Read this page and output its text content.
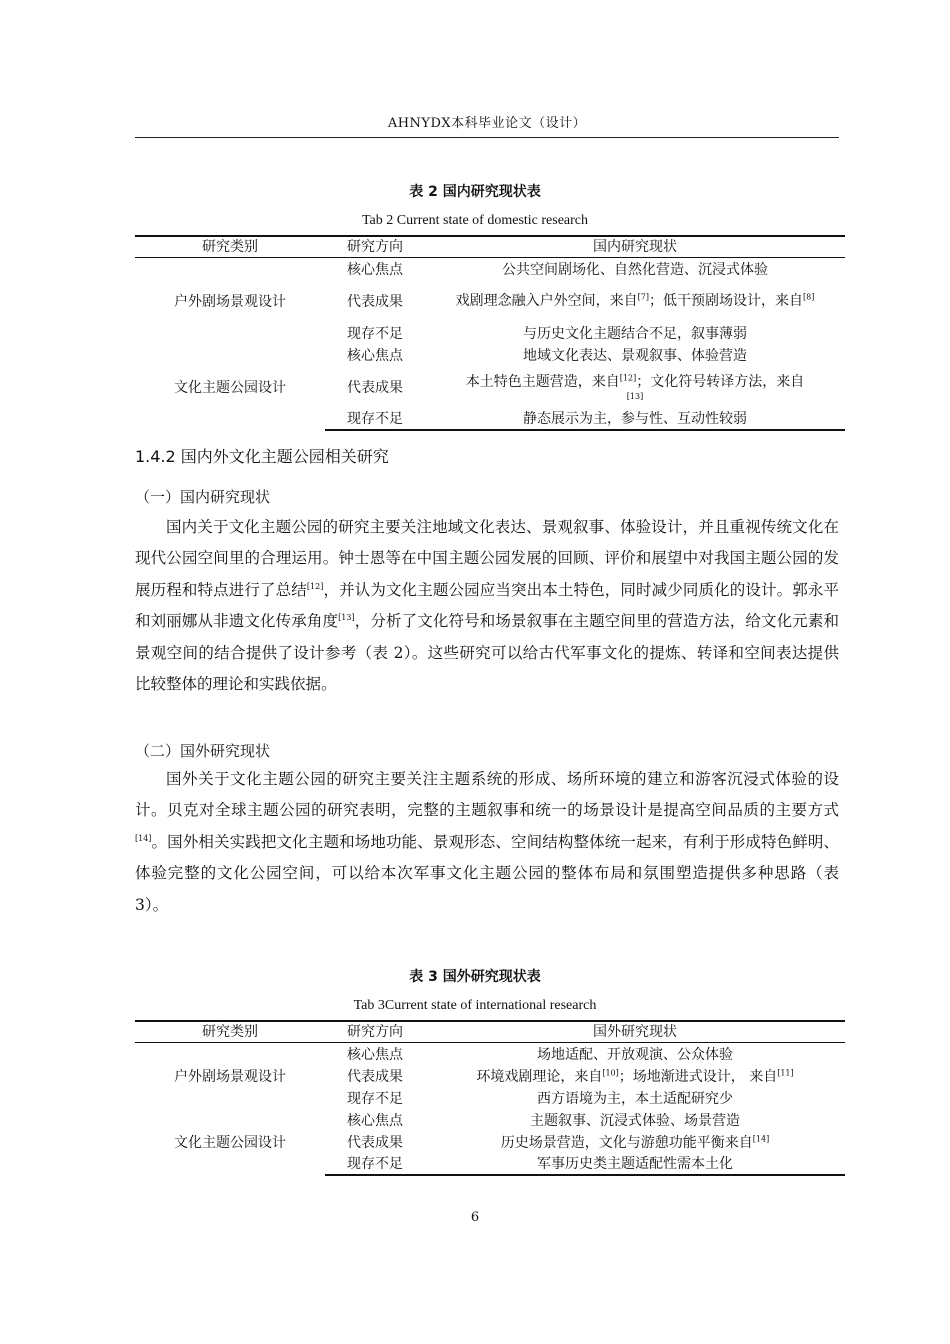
AHNYDX本科毕业论文（设计）
表 2 国内研究现状表
Tab 2 Current state of domestic research
研究类别	研究方向	国内研究现状
户外剧场景观设计	核心焦点	公共空间剧场化、自然化营造、沉浸式体验
	代表成果	戏剧理念融入户外空间，来自[7]；低干预剧场设计，来自[8]
	现存不足	与历史文化主题结合不足，叙事薄弱
文化主题公园设计	核心焦点	地域文化表达、景观叙事、体验营造
	代表成果	本土特色主题营造，来自[12]；文化符号转译方法，来自
[13]

	现存不足	静态展示为主，参与性、互动性较弱
1.4.2 国内外文化主题公园相关研究
（一）国内研究现状
国内关于文化主题公园的研究主要关注地域文化表达、景观叙事、体验设计，并且重视传统文化在现代公园空间里的合理运用。钟士恩等在中国主题公园发展的回顾、评价和展望中对我国主题公园的发展历程和特点进行了总结[12]，并认为文化主题公园应当突出本土特色，同时减少同质化的设计。郭永平和刘丽娜从非遗文化传承角度[13]，分析了文化符号和场景叙事在主题空间里的营造方法，给文化元素和景观空间的结合提供了设计参考（表 2）。这些研究可以给古代军事文化的提炼、转译和空间表达提供比较整体的理论和实践依据。
（二）国外研究现状
国外关于文化主题公园的研究主要关注主题系统的形成、场所环境的建立和游客沉浸式体验的设计。贝克对全球主题公园的研究表明，完整的主题叙事和统一的场景设计是提高空间品质的主要方式[14]。国外相关实践把文化主题和场地功能、景观形态、空间结构整体统一起来，有利于形成特色鲜明、体验完整的文化公园空间，可以给本次军事文化主题公园的整体布局和氛围塑造提供多种思路（表 3）。
表 3 国外研究现状表
Tab 3Current state of international research
研究类别	研究方向	国外研究现状
户外剧场景观设计	核心焦点	场地适配、开放观演、公众体验
	代表成果	环境戏剧理论，来自[10]；场地渐进式设计， 来自[11]
	现存不足	西方语境为主，本土适配研究少
文化主题公园设计	核心焦点	主题叙事、沉浸式体验、场景营造
	代表成果	历史场景营造，文化与游憩功能平衡来自[14]
	现存不足	军事历史类主题适配性需本土化
6
